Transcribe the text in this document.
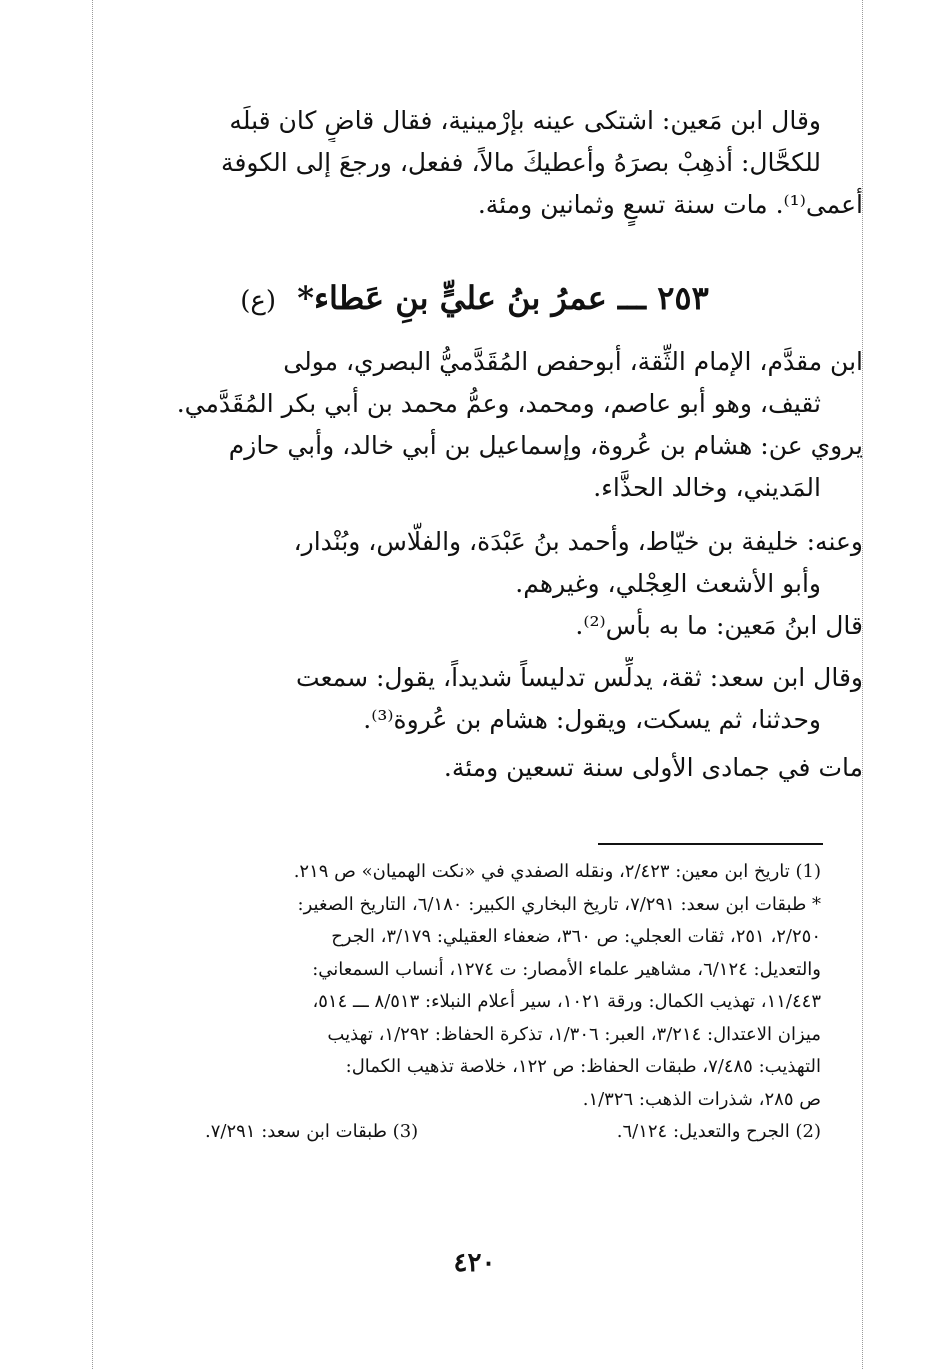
وقال ابن مَعين: اشتكى عينه بإرْمينية، فقال قاضٍ كان قبلَه
للكحَّال: أذهِبْ بصرَهُ وأعطيكَ مالاً، ففعل، ورجعَ إلى الكوفة
أعمى⁽¹⁾. مات سنة تسعٍ وثمانين ومئة.
٢٥٣ ـــ عمرُ بنُ عليٍّ بنِ عَطاء* (ع)
ابن مقدَّم، الإمام الثِّقة، أبوحفص المُقَدَّميُّ البصري، مولى
ثقيف، وهو أبو عاصم، ومحمد، وعمُّ محمد بن أبي بكر المُقَدَّمي.
يروي عن: هشام بن عُروة، وإسماعيل بن أبي خالد، وأبي حازم
المَديني، وخالد الحذَّاء.
وعنه: خليفة بن خيّاط، وأحمد بنُ عَبْدَة، والفلّاس، وبُنْدار،
وأبو الأشعث العِجْلي، وغيرهم.
قال ابنُ مَعين: ما به بأس⁽²⁾.
وقال ابن سعد: ثقة، يدلِّس تدليساً شديداً، يقول: سمعت
وحدثنا، ثم يسكت، ويقول: هشام بن عُروة⁽³⁾.
مات في جمادى الأولى سنة تسعين ومئة.
(1) تاريخ ابن معين: ٢/٤٢٣، ونقله الصفدي في «نكت الهميان» ص ٢١٩.
* طبقات ابن سعد: ٧/٢٩١، تاريخ البخاري الكبير: ٦/١٨٠، التاريخ الصغير:
٢/٢٥٠، ٢٥١، ثقات العجلي: ص ٣٦٠، ضعفاء العقيلي: ٣/١٧٩، الجرح
والتعديل: ٦/١٢٤، مشاهير علماء الأمصار: ت ١٢٧٤، أنساب السمعاني:
١١/٤٤٣، تهذيب الكمال: ورقة ١٠٢١، سير أعلام النبلاء: ٨/٥١٣ ـــ ٥١٤،
ميزان الاعتدال: ٣/٢١٤، العبر: ١/٣٠٦، تذكرة الحفاظ: ١/٢٩٢، تهذيب
التهذيب: ٧/٤٨٥، طبقات الحفاظ: ص ١٢٢، خلاصة تذهيب الكمال:
ص ٢٨٥، شذرات الذهب: ١/٣٢٦.
(2) الجرح والتعديل: ٦/١٢٤.
(3) طبقات ابن سعد: ٧/٢٩١.
٤٢٠
